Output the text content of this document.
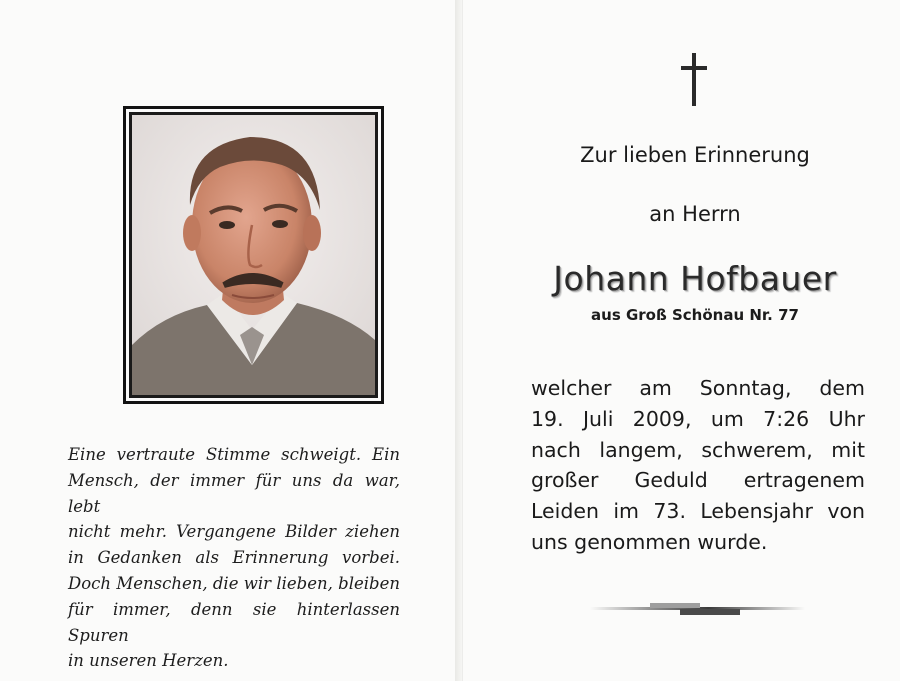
Eine vertraute Stimme schweigt. Ein
Mensch, der immer für uns da war, lebt
nicht mehr. Vergangene Bilder ziehen
in Gedanken als Erinnerung vorbei.
Doch Menschen, die wir lieben, bleiben
für immer, denn sie hinterlassen Spuren
in unseren Herzen.
Zur lieben Erinnerung
an Herrn
Johann Hofbauer
aus Groß Schönau Nr. 77
welcher am Sonntag, dem
19. Juli 2009, um 7:26 Uhr
nach langem, schwerem, mit
großer Geduld ertragenem
Leiden im 73. Lebensjahr von
uns genommen wurde.
